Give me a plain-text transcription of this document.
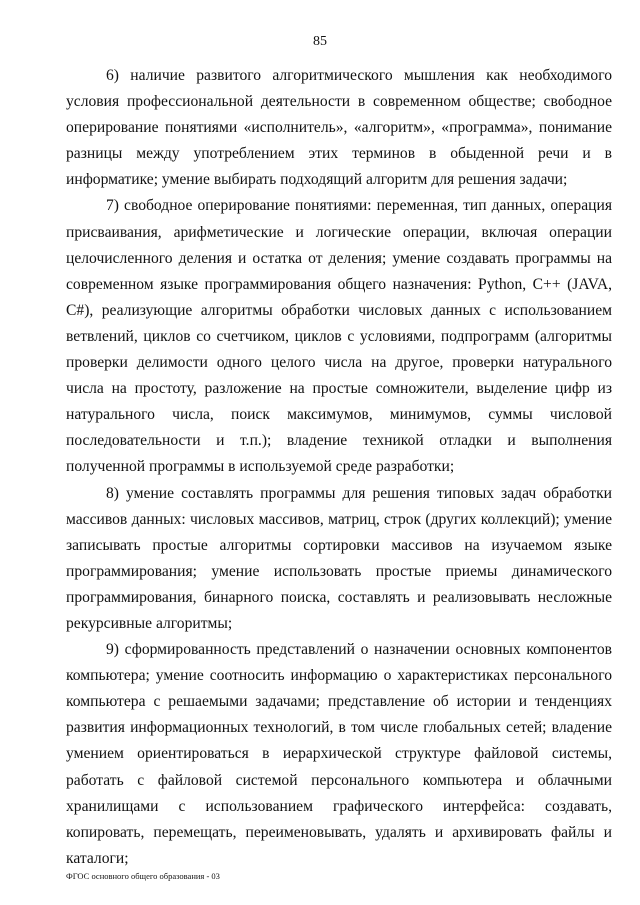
85

6) наличие развитого алгоритмического мышления как необходимого условия профессиональной деятельности в современном обществе; свободное оперирование понятиями «исполнитель», «алгоритм», «программа», понимание разницы между употреблением этих терминов в обыденной речи и в информатике; умение выбирать подходящий алгоритм для решения задачи;

7) свободное оперирование понятиями: переменная, тип данных, операция присваивания, арифметические и логические операции, включая операции целочисленного деления и остатка от деления; умение создавать программы на современном языке программирования общего назначения: Python, C++ (JAVA, C#), реализующие алгоритмы обработки числовых данных с использованием ветвлений, циклов со счетчиком, циклов с условиями, подпрограмм (алгоритмы проверки делимости одного целого числа на другое, проверки натурального числа на простоту, разложение на простые сомножители, выделение цифр из натурального числа, поиск максимумов, минимумов, суммы числовой последовательности и т.п.); владение техникой отладки и выполнения полученной программы в используемой среде разработки;

8) умение составлять программы для решения типовых задач обработки массивов данных: числовых массивов, матриц, строк (других коллекций); умение записывать простые алгоритмы сортировки массивов на изучаемом языке программирования; умение использовать простые приемы динамического программирования, бинарного поиска, составлять и реализовывать несложные рекурсивные алгоритмы;

9) сформированность представлений о назначении основных компонентов компьютера; умение соотносить информацию о характеристиках персонального компьютера с решаемыми задачами; представление об истории и тенденциях развития информационных технологий, в том числе глобальных сетей; владение умением ориентироваться в иерархической структуре файловой системы, работать с файловой системой персонального компьютера и облачными хранилищами с использованием графического интерфейса: создавать, копировать, перемещать, переименовывать, удалять и архивировать файлы и каталоги;

ФГОС основного общего образования - 03
